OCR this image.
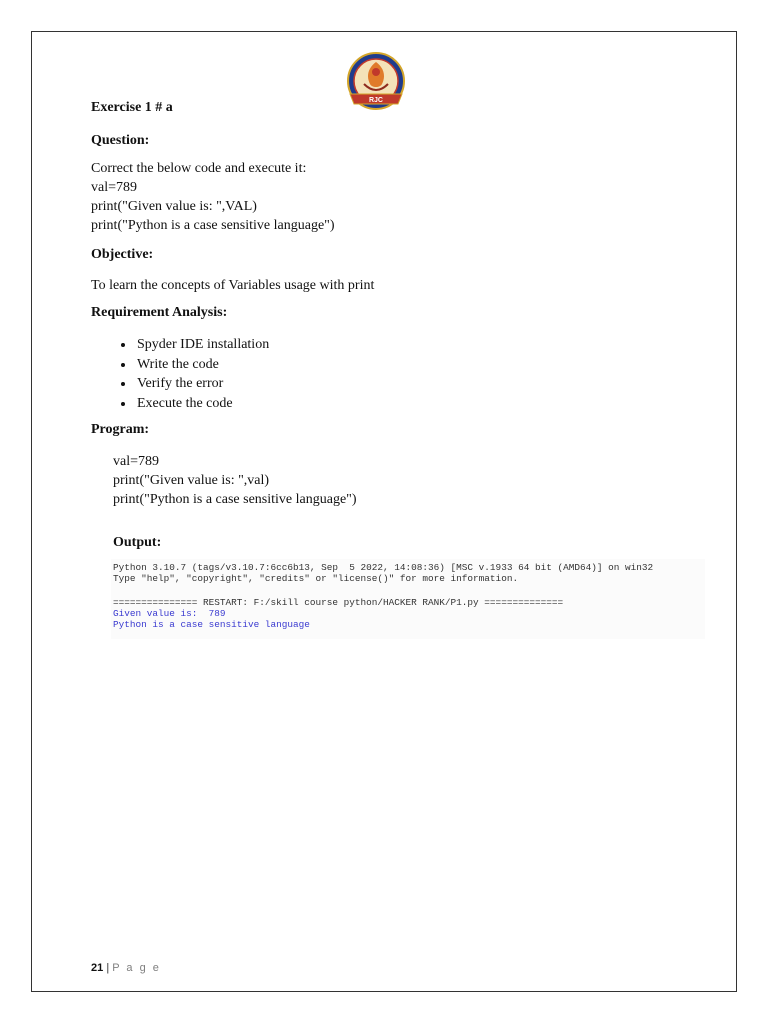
RJC
Exercise 1 # a
Question:
Correct the below code and execute it:
val=789
print("Given value is: ",VAL)
print("Python is a case sensitive language")
Objective:
To learn the concepts of Variables usage with print
Requirement Analysis:
• Spyder IDE installation
• Write the code
• Verify the error
• Execute the code
Program:
val=789
print("Given value is: ",val)
print("Python is a case sensitive language")
Output:
Python 3.10.7 (tags/v3.10.7:6cc6b13, Sep  5 2022, 14:08:36) [MSC v.1933 64 bit (AMD64)] on win32
Type "help", "copyright", "credits" or "license()" for more information.
=============== RESTART: F:/skill course python/HACKER RANK/P1.py ==============
Given value is:  789
Python is a case sensitive language
21 | P a g e
